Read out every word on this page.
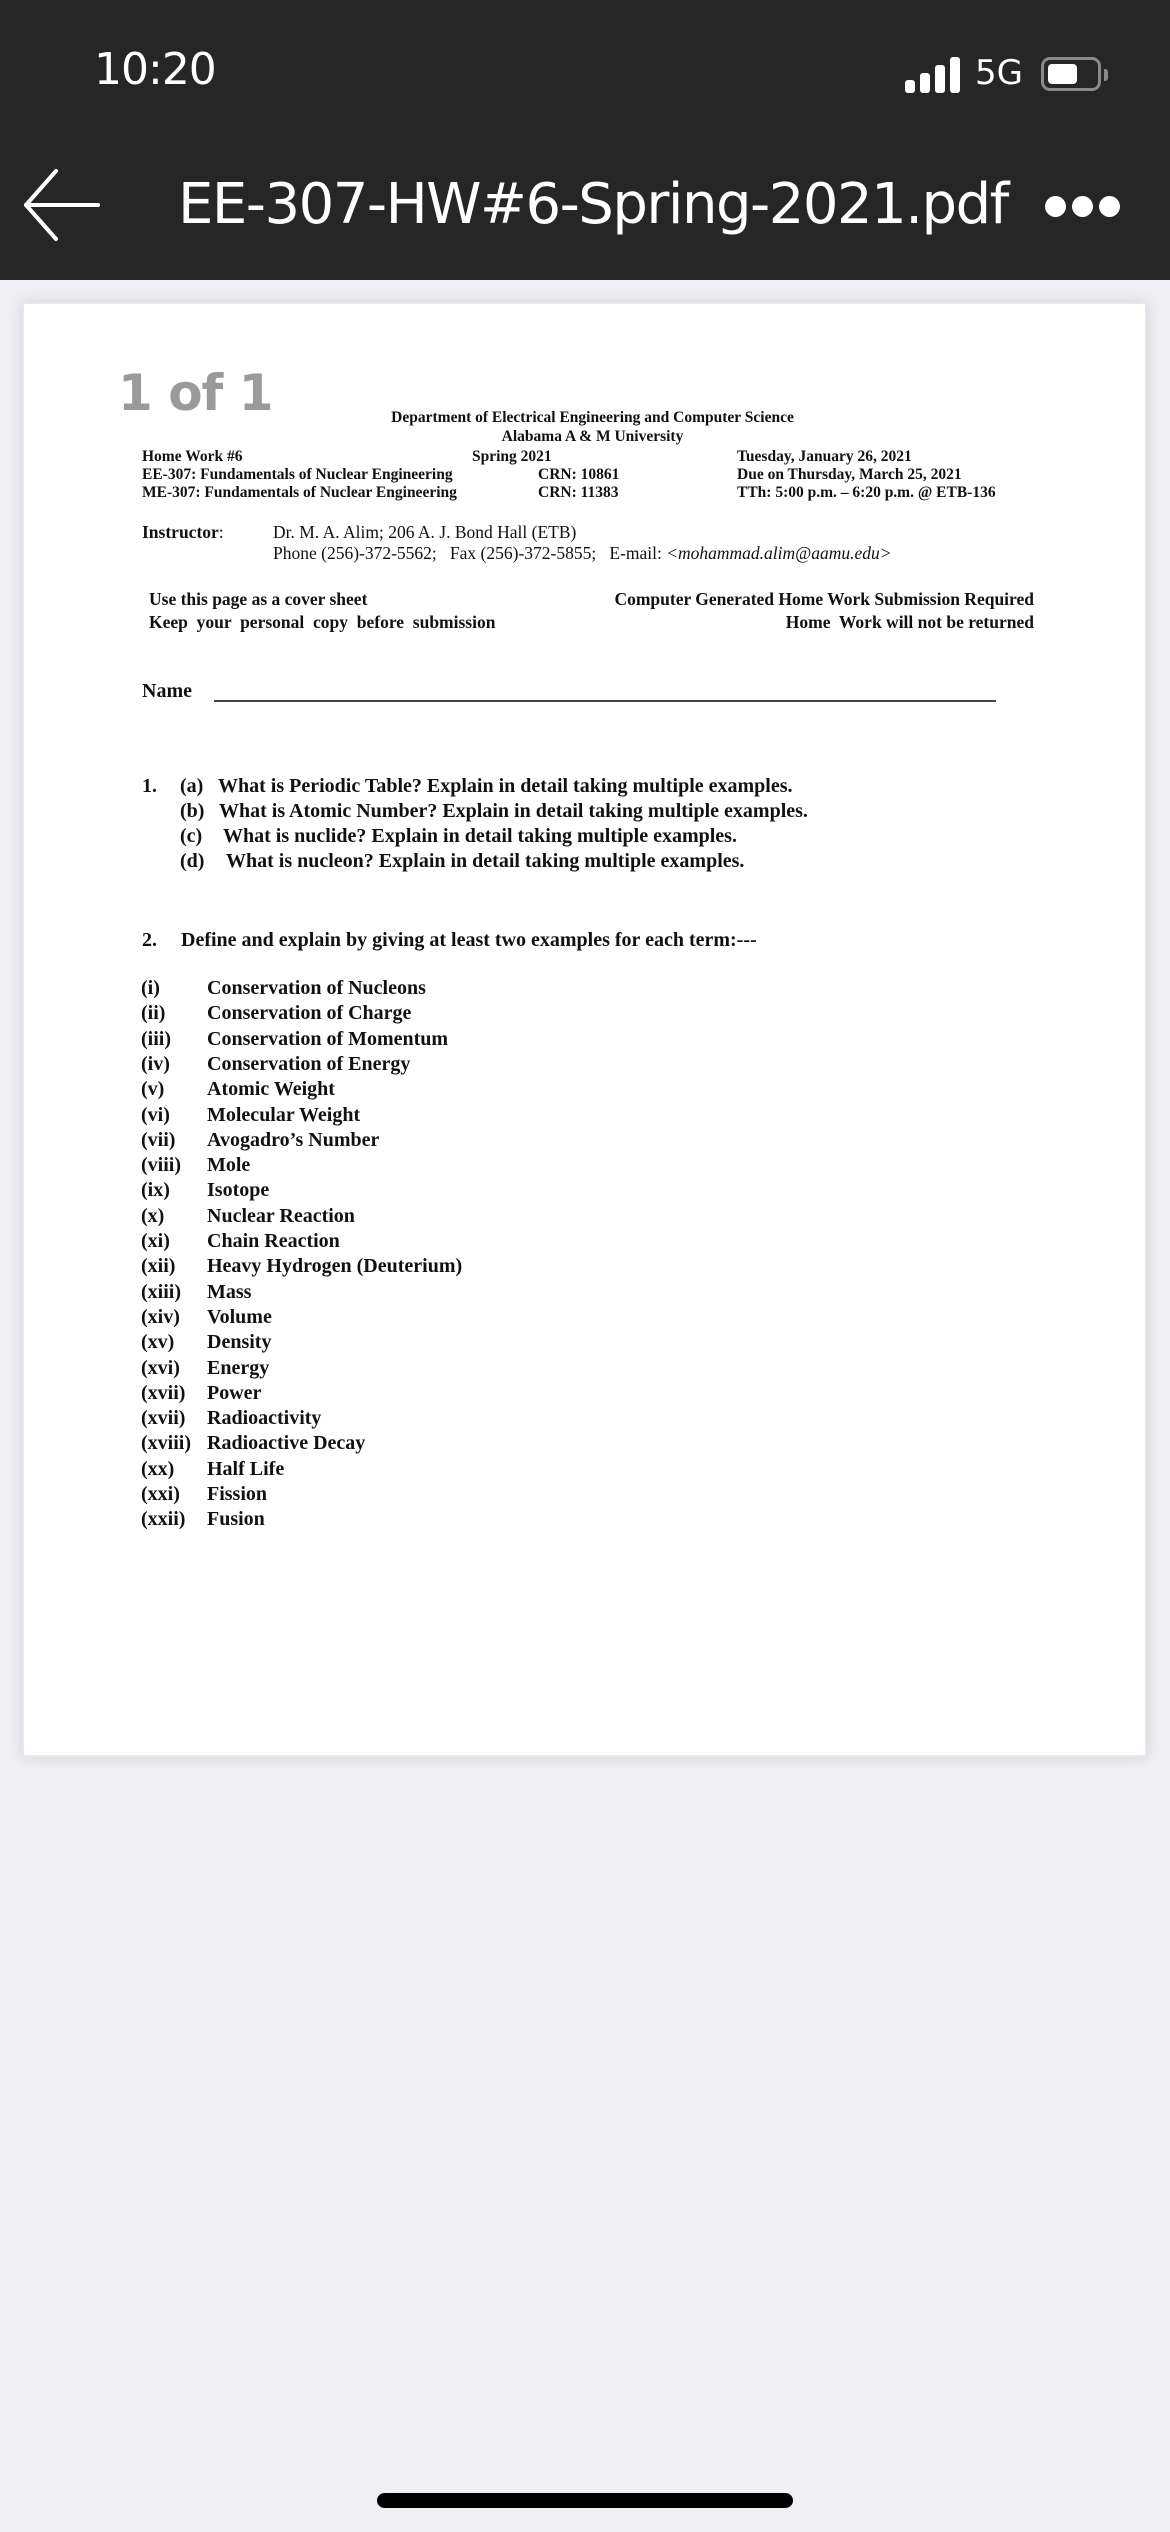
10:20	5G
EE-307-HW#6-Spring-2021.pdf
1 of 1	Department of Electrical Engineering and Computer Science
Alabama A & M University
Home Work #6	Spring 2021	Tuesday, January 26, 2021
EE-307: Fundamentals of Nuclear Engineering	CRN: 10861	Due on Thursday, March 25, 2021
ME-307: Fundamentals of Nuclear Engineering	CRN: 11383	TTh: 5:00 p.m. – 6:20 p.m. @ ETB-136
Instructor:	Dr. M. A. Alim; 206 A. J. Bond Hall (ETB)
Phone (256)-372-5562;   Fax (256)-372-5855;   E-mail: <mohammad.alim@aamu.edu>
Use this page as a cover sheet	Computer Generated Home Work Submission Required
Keep  your  personal  copy  before  submission	Home  Work will not be returned
Name
1. (a) What is Periodic Table? Explain in detail taking multiple examples.
(b) What is Atomic Number? Explain in detail taking multiple examples.
(c) What is nuclide? Explain in detail taking multiple examples.
(d) What is nucleon? Explain in detail taking multiple examples.
2. Define and explain by giving at least two examples for each term:---
(i) Conservation of Nucleons
(ii) Conservation of Charge
(iii) Conservation of Momentum
(iv) Conservation of Energy
(v) Atomic Weight
(vi) Molecular Weight
(vii) Avogadro’s Number
(viii) Mole
(ix) Isotope
(x) Nuclear Reaction
(xi) Chain Reaction
(xii) Heavy Hydrogen (Deuterium)
(xiii) Mass
(xiv) Volume
(xv) Density
(xvi) Energy
(xvii) Power
(xvii) Radioactivity
(xviii) Radioactive Decay
(xx) Half Life
(xxi) Fission
(xxii) Fusion
